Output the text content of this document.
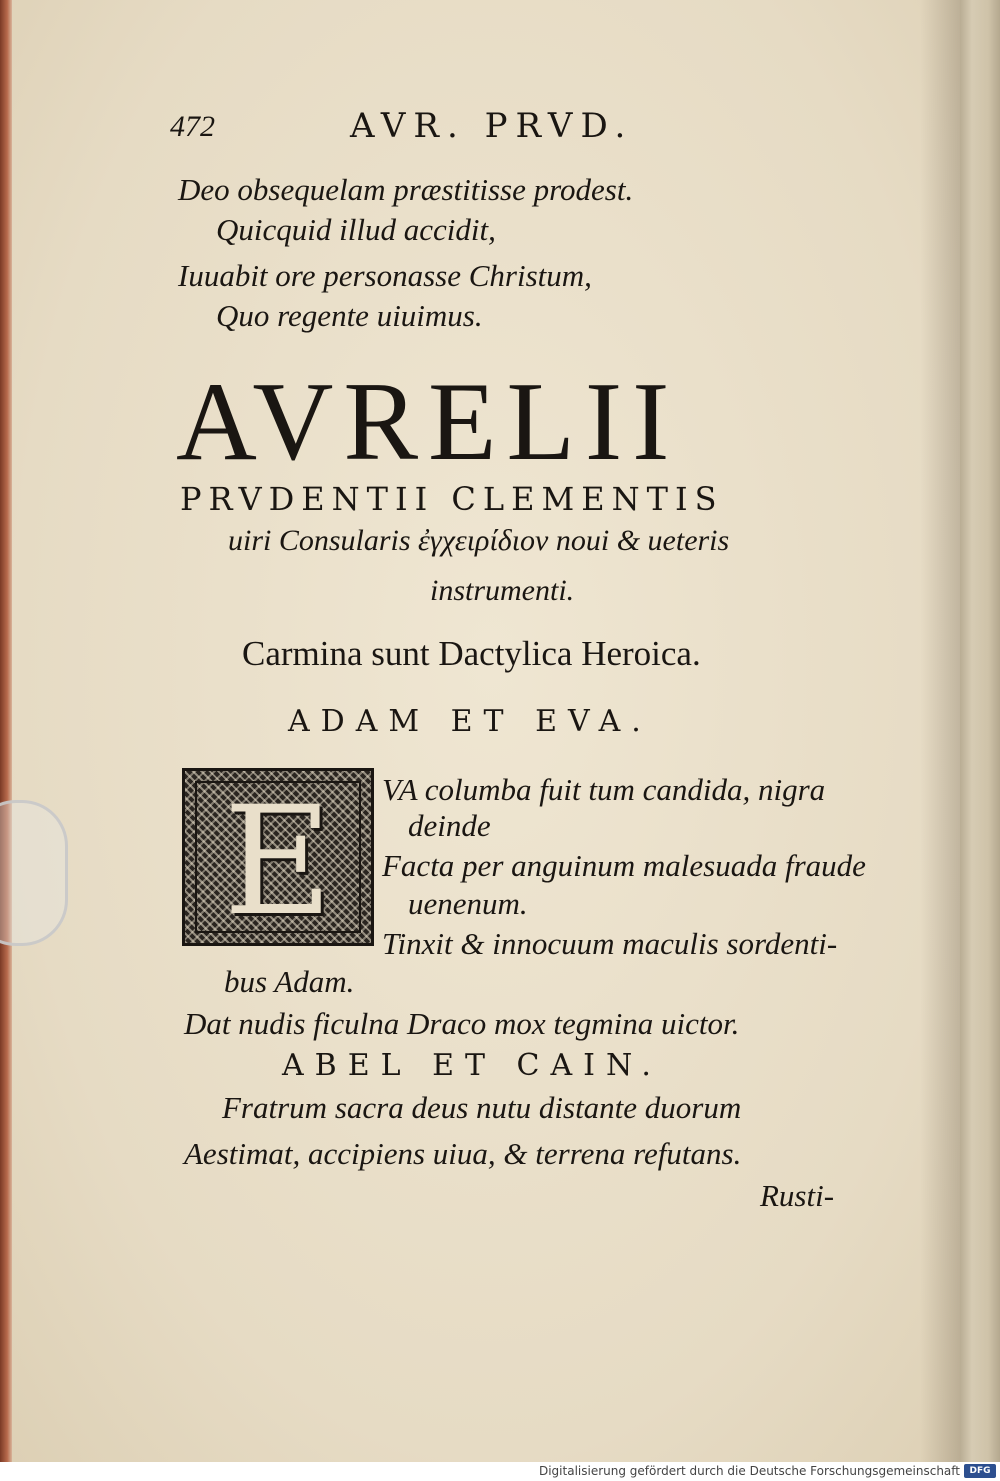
472	AVR. PRVD.
Deo obsequelam præstitisse prodest.
Quicquid illud accidit,
Iuuabit ore personasse Christum,
Quo regente uiuimus.
AVRELII
PRVDENTII CLEMENTIS
uiri Consularis ἐγχειρίδιον noui & ueteris
instrumenti.
Carmina sunt Dactylica Heroica.
ADAM ET EVA.
E	VA columba fuit tum candida, nigra
deinde
Facta per anguinum malesuada fraude
uenenum.
Tinxit & innocuum maculis sordenti-
bus Adam.
Dat nudis ficulna Draco mox tegmina uictor.
ABEL ET CAIN.
Fratrum sacra deus nutu distante duorum
Aestimat, accipiens uiua, & terrena refutans.
Rusti-
Digitalisierung gefördert durch die Deutsche Forschungsgemeinschaft	DFG
